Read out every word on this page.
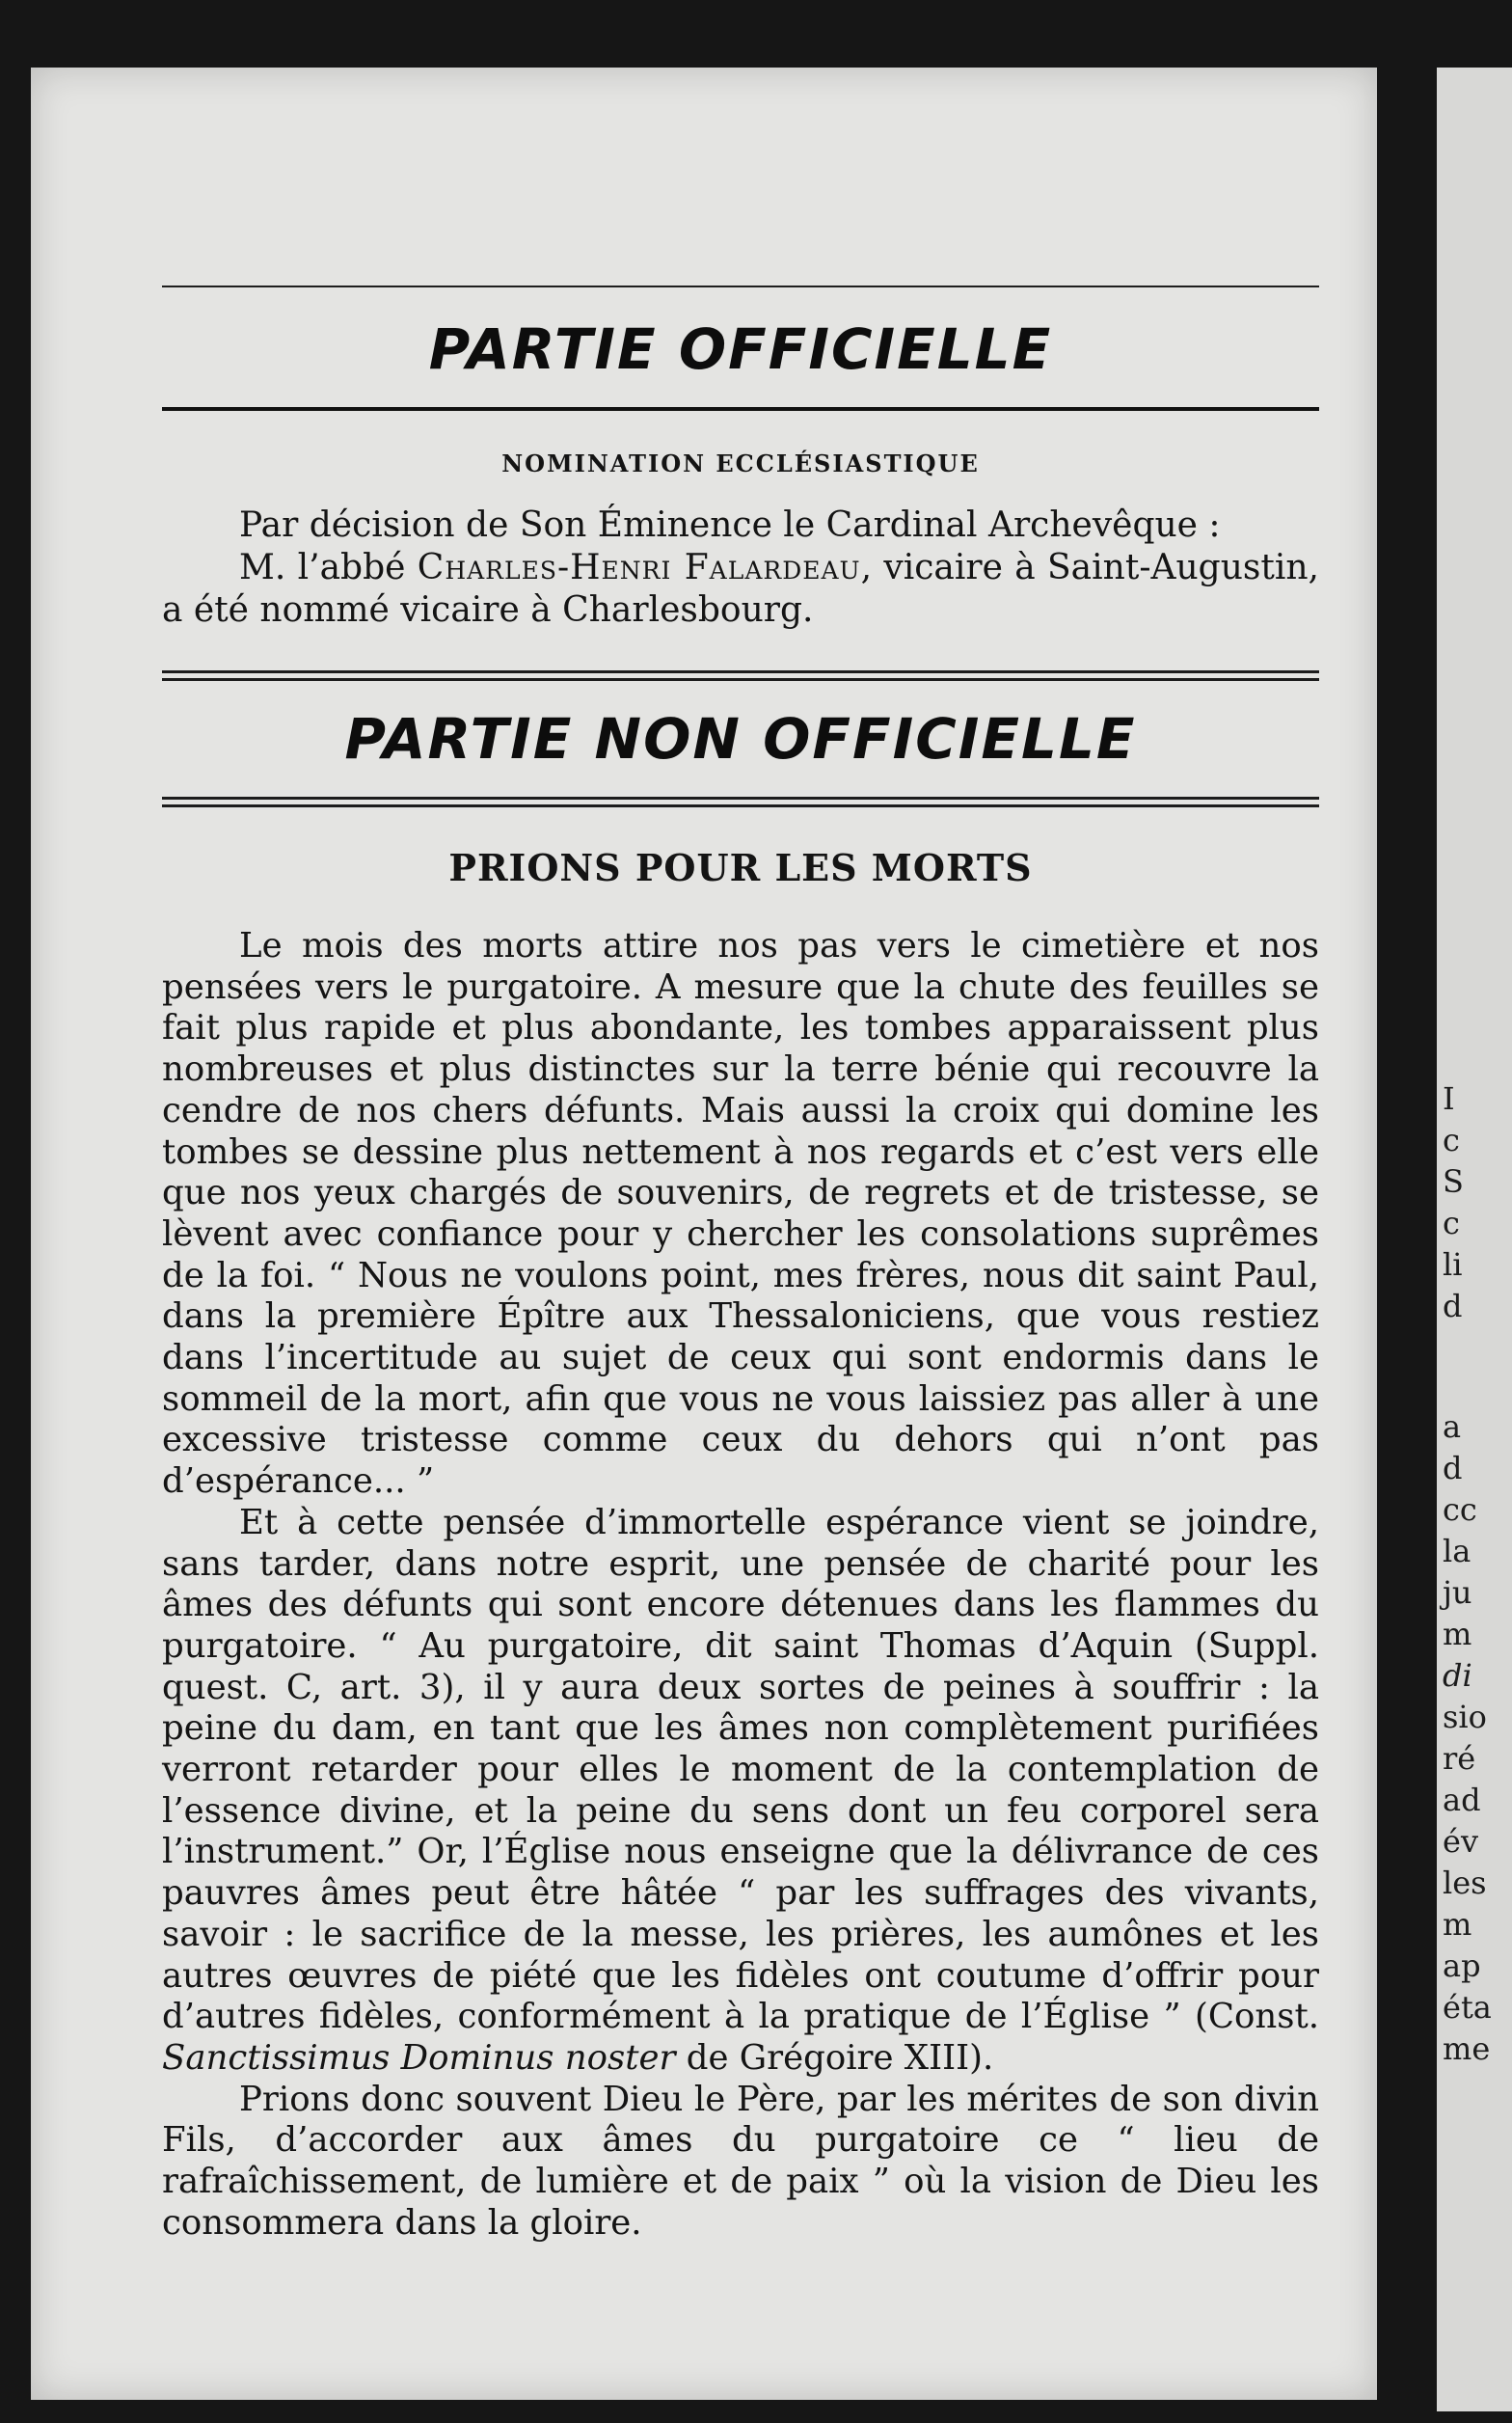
I
c
S
c
li
d
a
d
cc
la
ju
m
di
sio
ré
ad
év
les
m
ap
éta
me
PARTIE OFFICIELLE
NOMINATION ECCLÉSIASTIQUE

Par décision de Son Éminence le Cardinal Archevêque :

M. l’abbé Charles-Henri Falardeau, vicaire à Saint-Augustin, a été nommé vicaire à Charlesbourg.

PARTIE NON OFFICIELLE
PRIONS POUR LES MORTS

Le mois des morts attire nos pas vers le cimetière et nos pensées vers le purgatoire. A mesure que la chute des feuilles se fait plus rapide et plus abondante, les tombes apparaissent plus nombreuses et plus distinctes sur la terre bénie qui recouvre la cendre de nos chers défunts. Mais aussi la croix qui domine les tombes se dessine plus nettement à nos regards et c’est vers elle que nos yeux chargés de souvenirs, de regrets et de tristesse, se lèvent avec confiance pour y chercher les consolations suprêmes de la foi. “ Nous ne voulons point, mes frères, nous dit saint Paul, dans la première Épître aux Thessaloniciens, que vous restiez dans l’incertitude au sujet de ceux qui sont endormis dans le sommeil de la mort, afin que vous ne vous laissiez pas aller à une excessive tristesse comme ceux du dehors qui n’ont pas d’espérance... ”

Et à cette pensée d’immortelle espérance vient se joindre, sans tarder, dans notre esprit, une pensée de charité pour les âmes des défunts qui sont encore détenues dans les flammes du purgatoire. “ Au purgatoire, dit saint Thomas d’Aquin (Suppl. quest. C, art. 3), il y aura deux sortes de peines à souffrir : la peine du dam, en tant que les âmes non complètement purifiées verront retarder pour elles le moment de la contemplation de l’essence divine, et la peine du sens dont un feu corporel sera l’instrument.” Or, l’Église nous enseigne que la délivrance de ces pauvres âmes peut être hâtée “ par les suffrages des vivants, savoir : le sacrifice de la messe, les prières, les aumônes et les autres œuvres de piété que les fidèles ont coutume d’offrir pour d’autres fidèles, conformément à la pratique de l’Église ” (Const. Sanctissimus Dominus noster de Grégoire XIII).

Prions donc souvent Dieu le Père, par les mérites de son divin Fils, d’accorder aux âmes du purgatoire ce “ lieu de rafraîchissement, de lumière et de paix ” où la vision de Dieu les consommera dans la gloire.
